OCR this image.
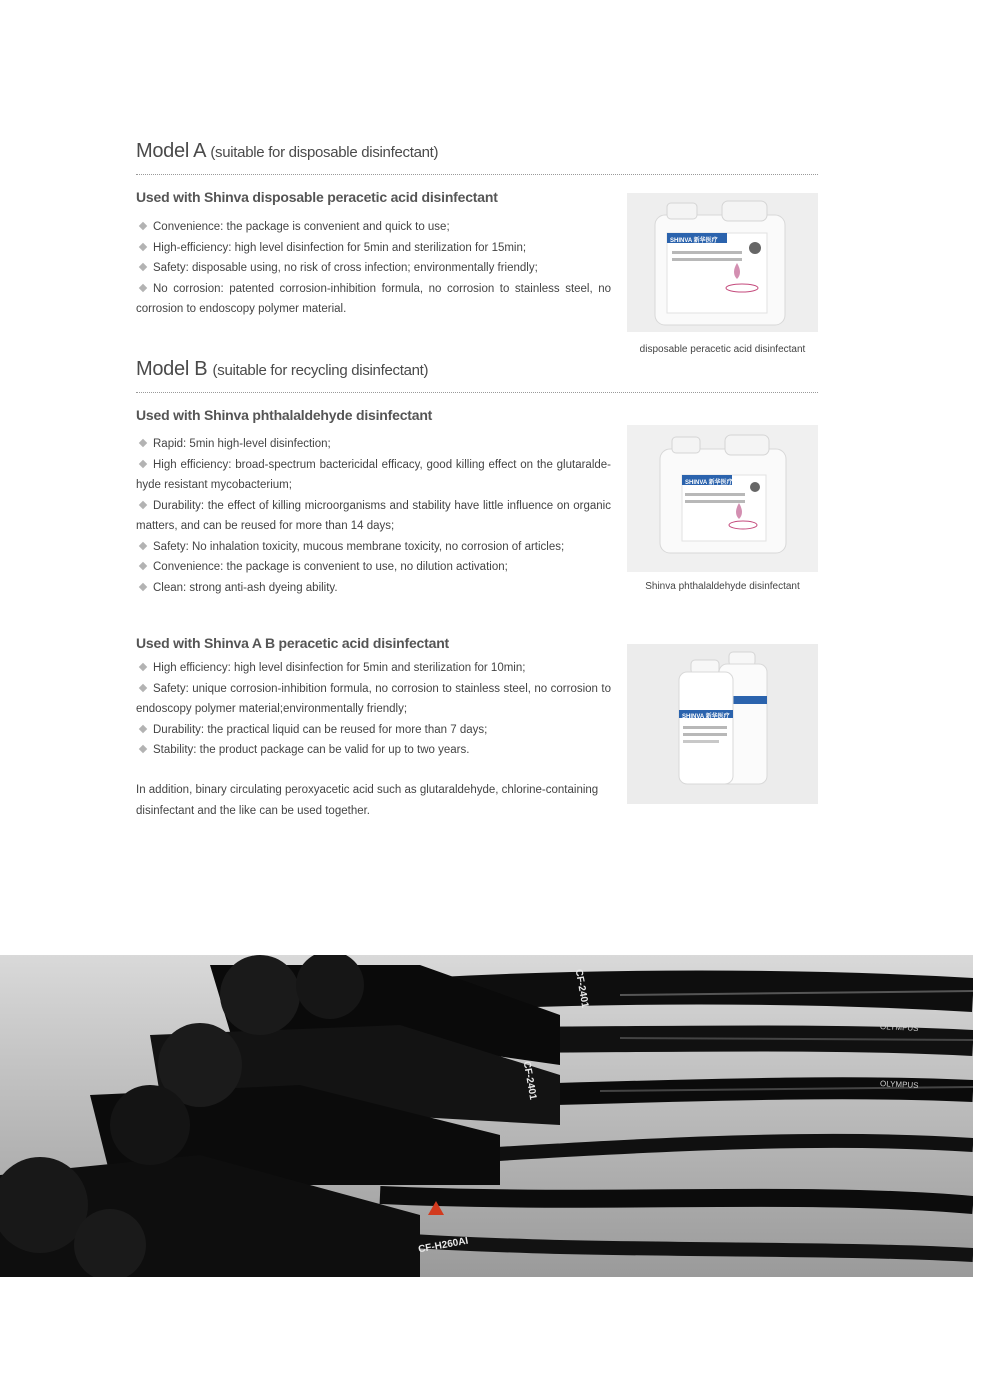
Model A (suitable for disposable disinfectant)
Used with Shinva disposable peracetic acid disinfectant
Convenience: the package is convenient and quick to use;
High-efficiency: high level disinfection for 5min and sterilization for 15min;
Safety: disposable using, no risk of cross infection; environmentally friendly;
No corrosion: patented corrosion-inhibition formula, no corrosion to stainless steel, no corrosion to endoscopy polymer material.
SHINVA 新华医疗
disposable peracetic acid disinfectant
Model B (suitable for recycling disinfectant)
Used with Shinva phthalaldehyde disinfectant
Rapid: 5min high-level disinfection;
High efficiency: broad-spectrum bactericidal efficacy, good killing effect on the glutaralde-hyde resistant mycobacterium;
Durability: the effect of killing microorganisms and stability have little influence on organic matters, and can be reused for more than 14 days;
Safety: No inhalation toxicity, mucous membrane toxicity, no corrosion of articles;
Convenience: the package is convenient to use, no dilution activation;
Clean: strong anti-ash dyeing ability.
SHINVA 新华医疗
Shinva phthalaldehyde disinfectant
Used with Shinva A B peracetic acid disinfectant
High efficiency: high level disinfection for 5min and sterilization for 10min;
Safety: unique corrosion-inhibition formula, no corrosion to stainless steel, no corrosion to endoscopy polymer material;environmentally friendly;
Durability: the practical liquid can be reused for more than 7 days;
Stability: the product package can be valid for up to two years.
SHINVA 新华医疗

In addition, binary circulating peroxyacetic acid such as glutaraldehyde, chlorine-containing disinfectant and the like can be used together.

CF-2401
CF-2401
CF-H260AI
OLYMPUS
OLYMPUS
